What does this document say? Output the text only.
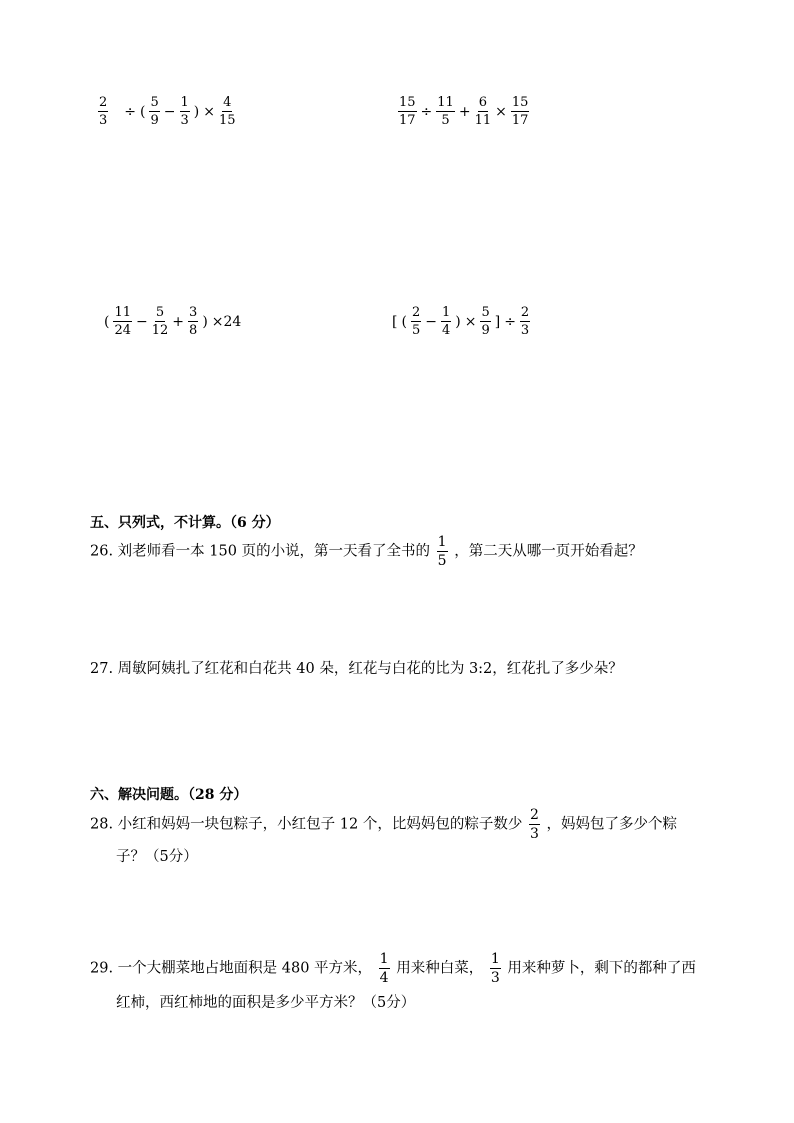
$\frac{2}{3}$ ÷ ( $\frac{5}{9} - \frac{1}{3}$ ) × $\frac{4}{15}$	$\frac{15}{17} \div \frac{11}{5} + \frac{6}{11} \times \frac{15}{17}$
( $\frac{11}{24} - \frac{5}{12} + \frac{3}{8}$ ) ×24	[ ( $\frac{2}{5} - \frac{1}{4}$ ) × $\frac{5}{9}$ ] ÷ $\frac{2}{3}$
五、只列式，不计算。（6 分）
26. 刘老师看一本 150 页的小说，第一天看了全书的 $\frac{1}{5}$ ，第二天从哪一页开始看起？
27. 周敏阿姨扎了红花和白花共 40 朵，红花与白花的比为 3:2，红花扎了多少朵？
六、解决问题。（28 分）
28. 小红和妈妈一块包粽子，小红包子 12 个，比妈妈包的粽子数少 $\frac{2}{3}$ ，妈妈包了多少个粽
子？（5分）
29. 一个大棚菜地占地面积是 480 平方米， $\frac{1}{4}$ 用来种白菜， $\frac{1}{3}$ 用来种萝卜，剩下的都种了西
红柿，西红柿地的面积是多少平方米？（5分）
